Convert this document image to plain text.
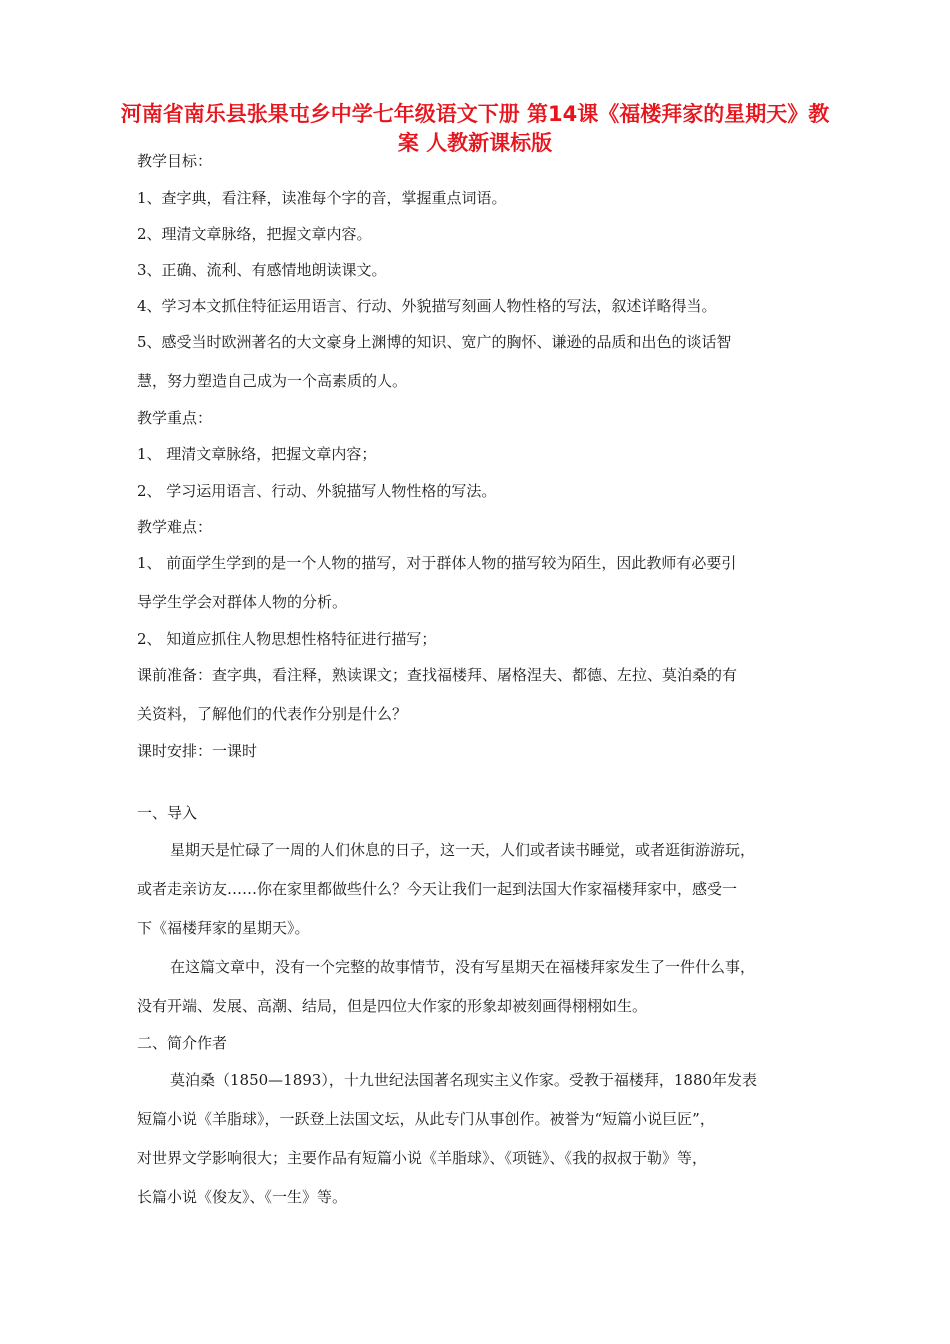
河南省南乐县张果屯乡中学七年级语文下册 第14课《福楼拜家的星期天》教案 人教新课标版
教学目标：
1、查字典，看注释，读准每个字的音，掌握重点词语。
2、理清文章脉络，把握文章内容。
3、正确、流利、有感情地朗读课文。
4、学习本文抓住特征运用语言、行动、外貌描写刻画人物性格的写法，叙述详略得当。
5、感受当时欧洲著名的大文豪身上渊博的知识、宽广的胸怀、谦逊的品质和出色的谈话智
慧，努力塑造自己成为一个高素质的人。
教学重点：
1、 理清文章脉络，把握文章内容；
2、 学习运用语言、行动、外貌描写人物性格的写法。
教学难点：
1、 前面学生学到的是一个人物的描写，对于群体人物的描写较为陌生，因此教师有必要引
导学生学会对群体人物的分析。
2、 知道应抓住人物思想性格特征进行描写；
课前准备：查字典，看注释，熟读课文；查找福楼拜、屠格涅夫、都德、左拉、莫泊桑的有
关资料，了解他们的代表作分别是什么？
课时安排：一课时
一、导入
星期天是忙碌了一周的人们休息的日子，这一天，人们或者读书睡觉，或者逛街游游玩，
或者走亲访友……你在家里都做些什么？今天让我们一起到法国大作家福楼拜家中，感受一
下《福楼拜家的星期天》。
在这篇文章中，没有一个完整的故事情节，没有写星期天在福楼拜家发生了一件什么事，
没有开端、发展、高潮、结局，但是四位大作家的形象却被刻画得栩栩如生。
二、简介作者
莫泊桑（1850—1893），十九世纪法国著名现实主义作家。受教于福楼拜，1880年发表
短篇小说《羊脂球》，一跃登上法国文坛，从此专门从事创作。被誉为“短篇小说巨匠”，
对世界文学影响很大；主要作品有短篇小说《羊脂球》、《项链》、《我的叔叔于勒》等，
长篇小说《俊友》、《一生》等。
